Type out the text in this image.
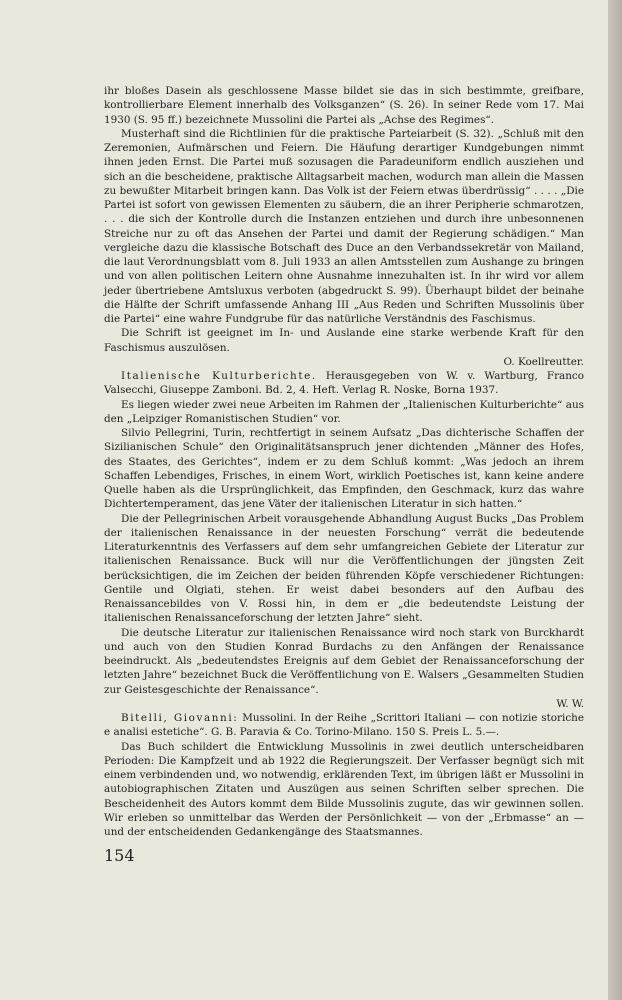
ihr bloßes Dasein als geschlossene Masse bildet sie das in sich bestimmte, greifbare, kontrollierbare Element innerhalb des Volksganzen“ (S. 26). In seiner Rede vom 17. Mai 1930 (S. 95 ff.) bezeichnete Mussolini die Partei als „Achse des Regimes“.

Musterhaft sind die Richtlinien für die praktische Parteiarbeit (S. 32). „Schluß mit den Zeremonien, Aufmärschen und Feiern. Die Häufung derartiger Kundgebungen nimmt ihnen jeden Ernst. Die Partei muß sozusagen die Paradeuniform endlich ausziehen und sich an die bescheidene, praktische Alltagsarbeit machen, wodurch man allein die Massen zu bewußter Mitarbeit bringen kann. Das Volk ist der Feiern etwas überdrüssig“ . . . . „Die Partei ist sofort von gewissen Elementen zu säubern, die an ihrer Peripherie schmarotzen, . . . die sich der Kontrolle durch die Instanzen entziehen und durch ihre unbesonnenen Streiche nur zu oft das Ansehen der Partei und damit der Regierung schädigen.“ Man vergleiche dazu die klassische Botschaft des Duce an den Verbandssekretär von Mailand, die laut Verordnungsblatt vom 8. Juli 1933 an allen Amtsstellen zum Aushange zu bringen und von allen politischen Leitern ohne Ausnahme innezuhalten ist. In ihr wird vor allem jeder übertriebene Amtsluxus verboten (abgedruckt S. 99). Überhaupt bildet der beinahe die Hälfte der Schrift umfassende Anhang III „Aus Reden und Schriften Mussolinis über die Partei“ eine wahre Fundgrube für das natürliche Verständnis des Faschismus.

Die Schrift ist geeignet im In- und Auslande eine starke werbende Kraft für den Faschismus auszulösen.

O. Koellreutter.

Italienische Kulturberichte. Herausgegeben von W. v. Wartburg, Franco Valsecchi, Giuseppe Zamboni. Bd. 2, 4. Heft. Verlag R. Noske, Borna 1937.

Es liegen wieder zwei neue Arbeiten im Rahmen der „Italienischen Kulturberichte“ aus den „Leipziger Romanistischen Studien“ vor.

Silvio Pellegrini, Turin, rechtfertigt in seinem Aufsatz „Das dichterische Schaffen der Sizilianischen Schule“ den Originalitätsanspruch jener dichtenden „Männer des Hofes, des Staates, des Gerichtes“, indem er zu dem Schluß kommt: „Was jedoch an ihrem Schaffen Lebendiges, Frisches, in einem Wort, wirklich Poetisches ist, kann keine andere Quelle haben als die Ursprünglichkeit, das Empfinden, den Geschmack, kurz das wahre Dichtertemperament, das jene Väter der italienischen Literatur in sich hatten.“

Die der Pellegrinischen Arbeit vorausgehende Abhandlung August Bucks „Das Problem der italienischen Renaissance in der neuesten Forschung“ verrät die bedeutende Literaturkenntnis des Verfassers auf dem sehr umfangreichen Gebiete der Literatur zur italienischen Renaissance. Buck will nur die Veröffentlichungen der jüngsten Zeit berücksichtigen, die im Zeichen der beiden führenden Köpfe verschiedener Richtungen: Gentile und Olgiati, stehen. Er weist dabei besonders auf den Aufbau des Renaissancebildes von V. Rossi hin, in dem er „die bedeutendste Leistung der italienischen Renaissanceforschung der letzten Jahre“ sieht.

Die deutsche Literatur zur italienischen Renaissance wird noch stark von Burckhardt und auch von den Studien Konrad Burdachs zu den Anfängen der Renaissance beeindruckt. Als „bedeutendstes Ereignis auf dem Gebiet der Renaissanceforschung der letzten Jahre“ bezeichnet Buck die Veröffentlichung von E. Walsers „Gesammelten Studien zur Geistesgeschichte der Renaissance“.

W. W.

Bitelli, Giovanni: Mussolini. In der Reihe „Scrittori Italiani — con notizie storiche e analisi estetiche“. G. B. Paravia & Co. Torino-Milano. 150 S. Preis L. 5.—.

Das Buch schildert die Entwicklung Mussolinis in zwei deutlich unterscheidbaren Perioden: Die Kampfzeit und ab 1922 die Regierungszeit. Der Verfasser begnügt sich mit einem verbindenden und, wo notwendig, erklärenden Text, im übrigen läßt er Mussolini in autobiographischen Zitaten und Auszügen aus seinen Schriften selber sprechen. Die Bescheidenheit des Autors kommt dem Bilde Mussolinis zugute, das wir gewinnen sollen. Wir erleben so unmittelbar das Werden der Persönlichkeit — von der „Erbmasse“ an — und der entscheidenden Gedankengänge des Staatsmannes.

154
